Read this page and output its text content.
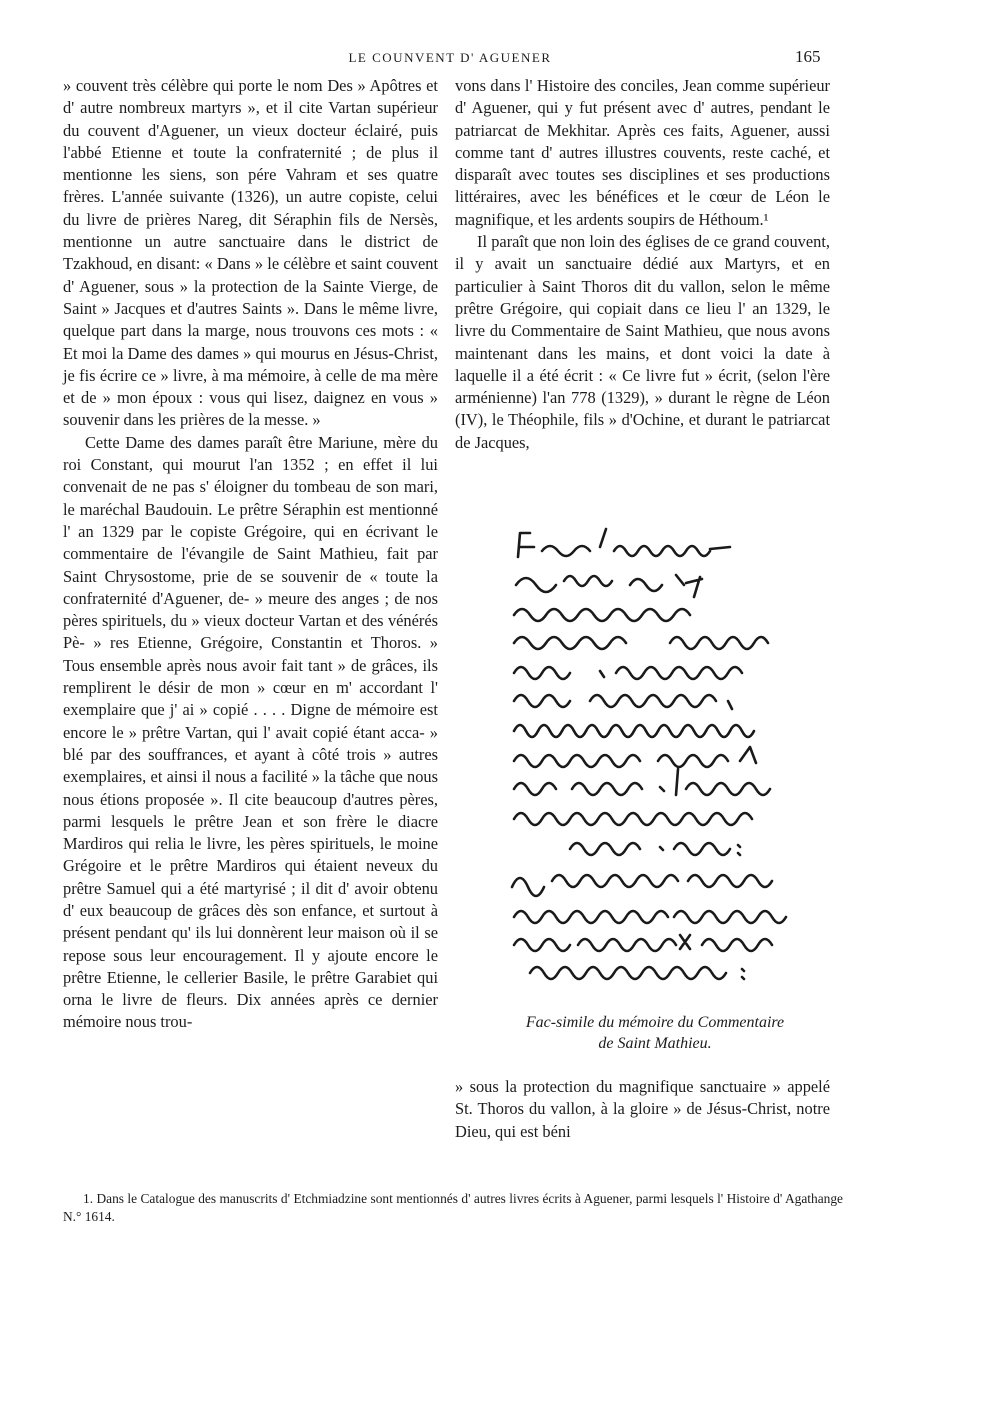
LE COUNVENT D' AGUENER	165

» couvent très célèbre qui porte le nom Des » Apôtres et d' autre nombreux martyrs », et il cite Vartan supérieur du couvent d'Aguener, un vieux docteur éclairé, puis l'abbé Etienne et toute la confraternité ; de plus il mentionne les siens, son pére Vahram et ses quatre frères. L'année suivante (1326), un autre copiste, celui du livre de prières Nareg, dit Séraphin fils de Nersès, mentionne un autre sanctuaire dans le district de Tzakhoud, en disant: « Dans » le célèbre et saint couvent d' Aguener, sous » la protection de la Sainte Vierge, de Saint » Jacques et d'autres Saints ». Dans le même livre, quelque part dans la marge, nous trouvons ces mots : « Et moi la Dame des dames » qui mourus en Jésus-Christ, je fis écrire ce » livre, à ma mémoire, à celle de ma mère et de » mon époux : vous qui lisez, daignez en vous » souvenir dans les prières de la messe. »

Cette Dame des dames paraît être Mariune, mère du roi Constant, qui mourut l'an 1352 ; en effet il lui convenait de ne pas s' éloigner du tombeau de son mari, le maréchal Baudouin. Le prêtre Séraphin est mentionné l' an 1329 par le copiste Grégoire, qui en écrivant le commentaire de l'évangile de Saint Mathieu, fait par Saint Chrysostome, prie de se souvenir de « toute la confraternité d'Aguener, de- » meure des anges ; de nos pères spirituels, du » vieux docteur Vartan et des vénérés Pè- » res Etienne, Grégoire, Constantin et Thoros. » Tous ensemble après nous avoir fait tant » de grâces, ils remplirent le désir de mon » cœur en m' accordant l' exemplaire que j' ai » copié . . . . Digne de mémoire est encore le » prêtre Vartan, qui l' avait copié étant acca- » blé par des souffrances, et ayant à côté trois » autres exemplaires, et ainsi il nous a facilité » la tâche que nous nous étions proposée ». Il cite beaucoup d'autres pères, parmi lesquels le prêtre Jean et son frère le diacre Mardiros qui relia le livre, les pères spirituels, le moine Grégoire et le prêtre Mardiros qui étaient neveux du prêtre Samuel qui a été martyrisé ; il dit d' avoir obtenu d' eux beaucoup de grâces dès son enfance, et surtout à présent pendant qu' ils lui donnèrent leur maison où il se repose sous leur encouragement. Il y ajoute encore le prêtre Etienne, le cellerier Basile, le prêtre Garabiet qui orna le livre de fleurs. Dix années après ce dernier mémoire nous trou-

vons dans l' Histoire des conciles, Jean comme supérieur d' Aguener, qui y fut présent avec d' autres, pendant le patriarcat de Mekhitar. Après ces faits, Aguener, aussi comme tant d' autres illustres couvents, reste caché, et disparaît avec toutes ses disciplines et ses productions littéraires, avec les bénéfices et le cœur de Léon le magnifique, et les ardents soupirs de Héthoum.¹

Il paraît que non loin des églises de ce grand couvent, il y avait un sanctuaire dédié aux Martyrs, et en particulier à Saint Thoros dit du vallon, selon le même prêtre Grégoire, qui copiait dans ce lieu l' an 1329, le livre du Commentaire de Saint Mathieu, que nous avons maintenant dans les mains, et dont voici la date à laquelle il a été écrit : « Ce livre fut » écrit, (selon l'ère arménienne) l'an 778 (1329), » durant le règne de Léon (IV), le Théophile, fils » d'Ochine, et durant le patriarcat de Jacques,

Fac-simile du mémoire du Commentaire
de Saint Mathieu.

» sous la protection du magnifique sanctuaire » appelé St. Thoros du vallon, à la gloire » de Jésus-Christ, notre Dieu, qui est béni

1. Dans le Catalogue des manuscrits d' Etchmiadzine sont mentionnés d' autres livres écrits à Aguener, parmi lesquels l' Histoire d' Agathange N.° 1614.
